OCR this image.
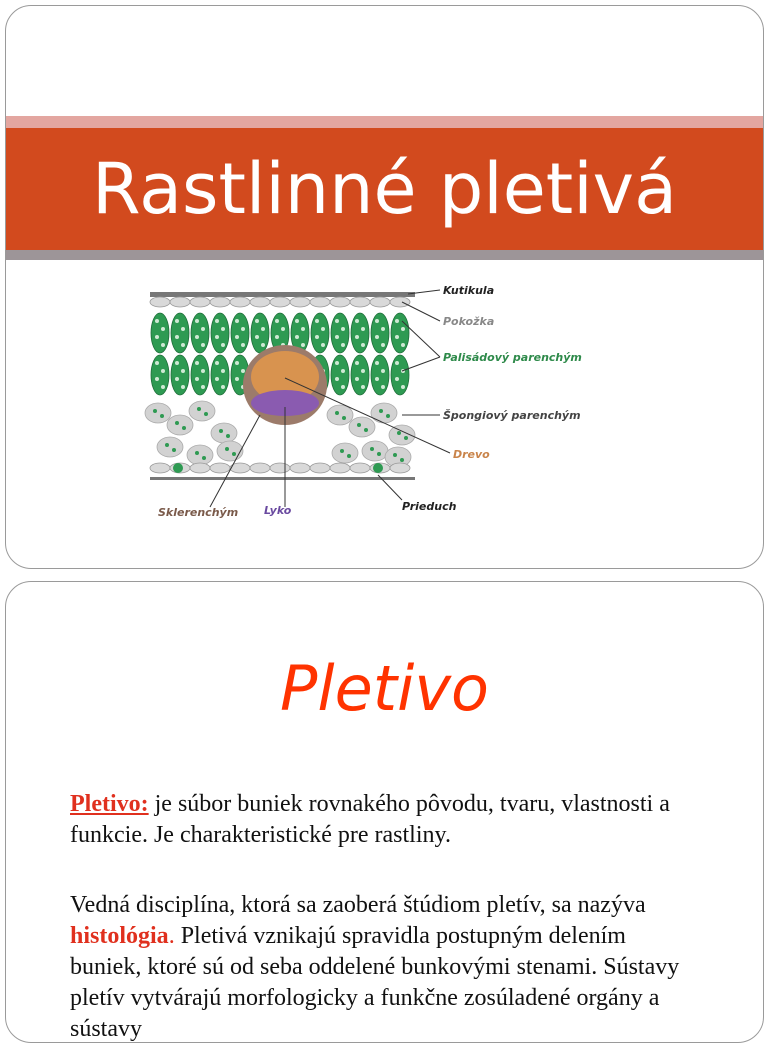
Rastlinné pletivá
Kutikula
Pokožka
Palisádový parenchým
Špongiový parenchým
Drevo
Sklerenchým Lyko	Prieduch
Pletivo
Pletivo: je súbor buniek rovnakého pôvodu, tvaru, vlastnosti a funkcie. Je charakteristické pre rastliny.
Vedná disciplína, ktorá sa zaoberá štúdiom pletív, sa nazýva histológia. Pletivá vznikajú spravidla postupným delením buniek, ktoré sú od seba oddelené bunkovými stenami. Sústavy pletív vytvárajú morfologicky a funkčne zosúladené orgány a sústavy
